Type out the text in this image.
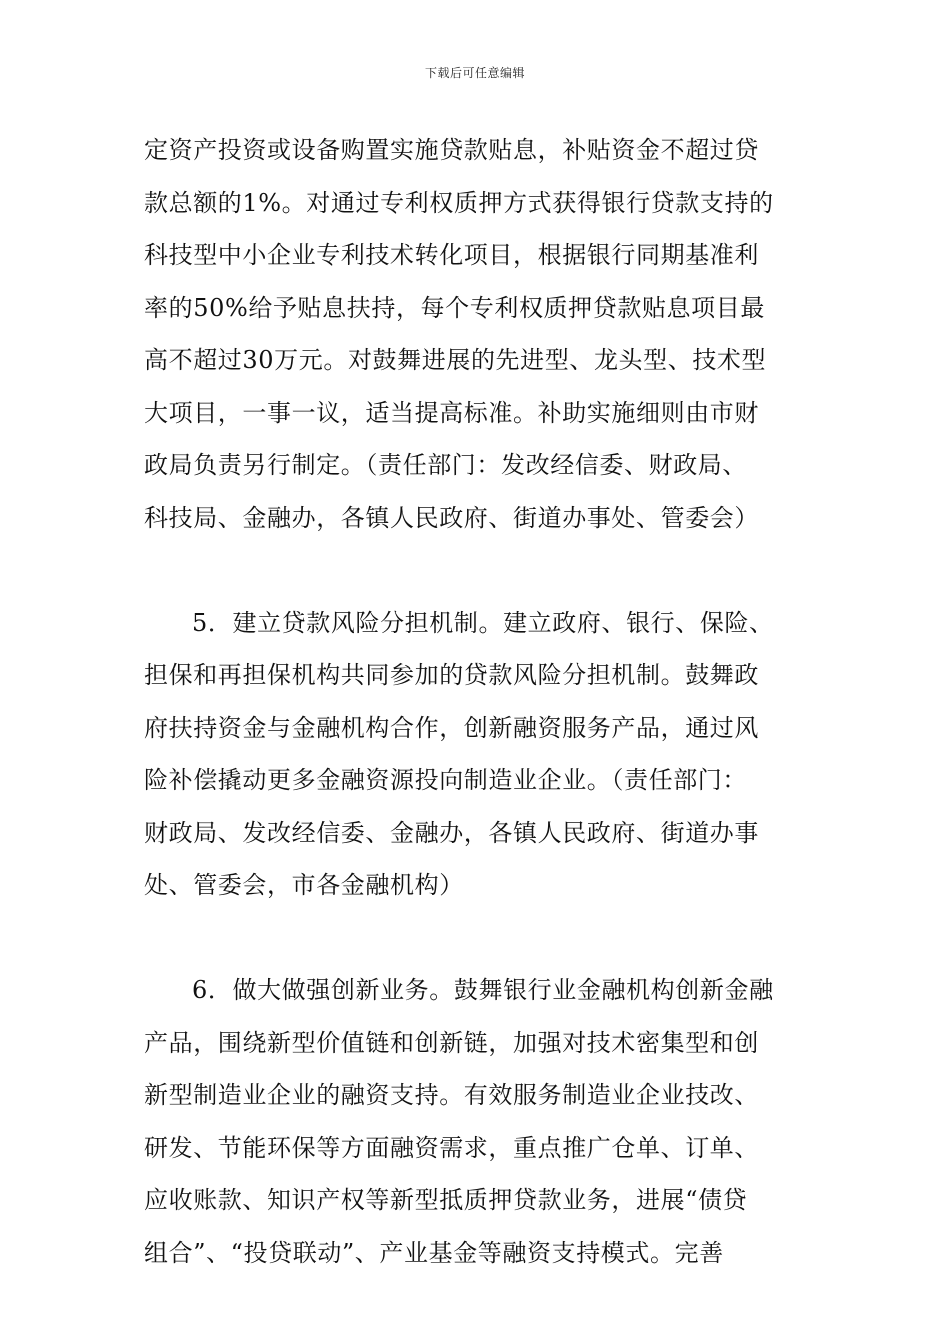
下载后可任意编辑
定资产投资或设备购置实施贷款贴息，补贴资金不超过贷
款总额的1%。对通过专利权质押方式获得银行贷款支持的
科技型中小企业专利技术转化项目，根据银行同期基准利
率的50%给予贴息扶持，每个专利权质押贷款贴息项目最
高不超过30万元。对鼓舞进展的先进型、龙头型、技术型
大项目，一事一议，适当提高标准。补助实施细则由市财
政局负责另行制定。（责任部门：发改经信委、财政局、
科技局、金融办，各镇人民政府、街道办事处、管委会）
5．建立贷款风险分担机制。建立政府、银行、保险、
担保和再担保机构共同参加的贷款风险分担机制。鼓舞政
府扶持资金与金融机构合作，创新融资服务产品，通过风
险补偿撬动更多金融资源投向制造业企业。（责任部门：
财政局、发改经信委、金融办，各镇人民政府、街道办事
处、管委会，市各金融机构）
6．做大做强创新业务。鼓舞银行业金融机构创新金融
产品，围绕新型价值链和创新链，加强对技术密集型和创
新型制造业企业的融资支持。有效服务制造业企业技改、
研发、节能环保等方面融资需求，重点推广仓单、订单、
应收账款、知识产权等新型抵质押贷款业务，进展“债贷
组合”、“投贷联动”、产业基金等融资支持模式。完善
